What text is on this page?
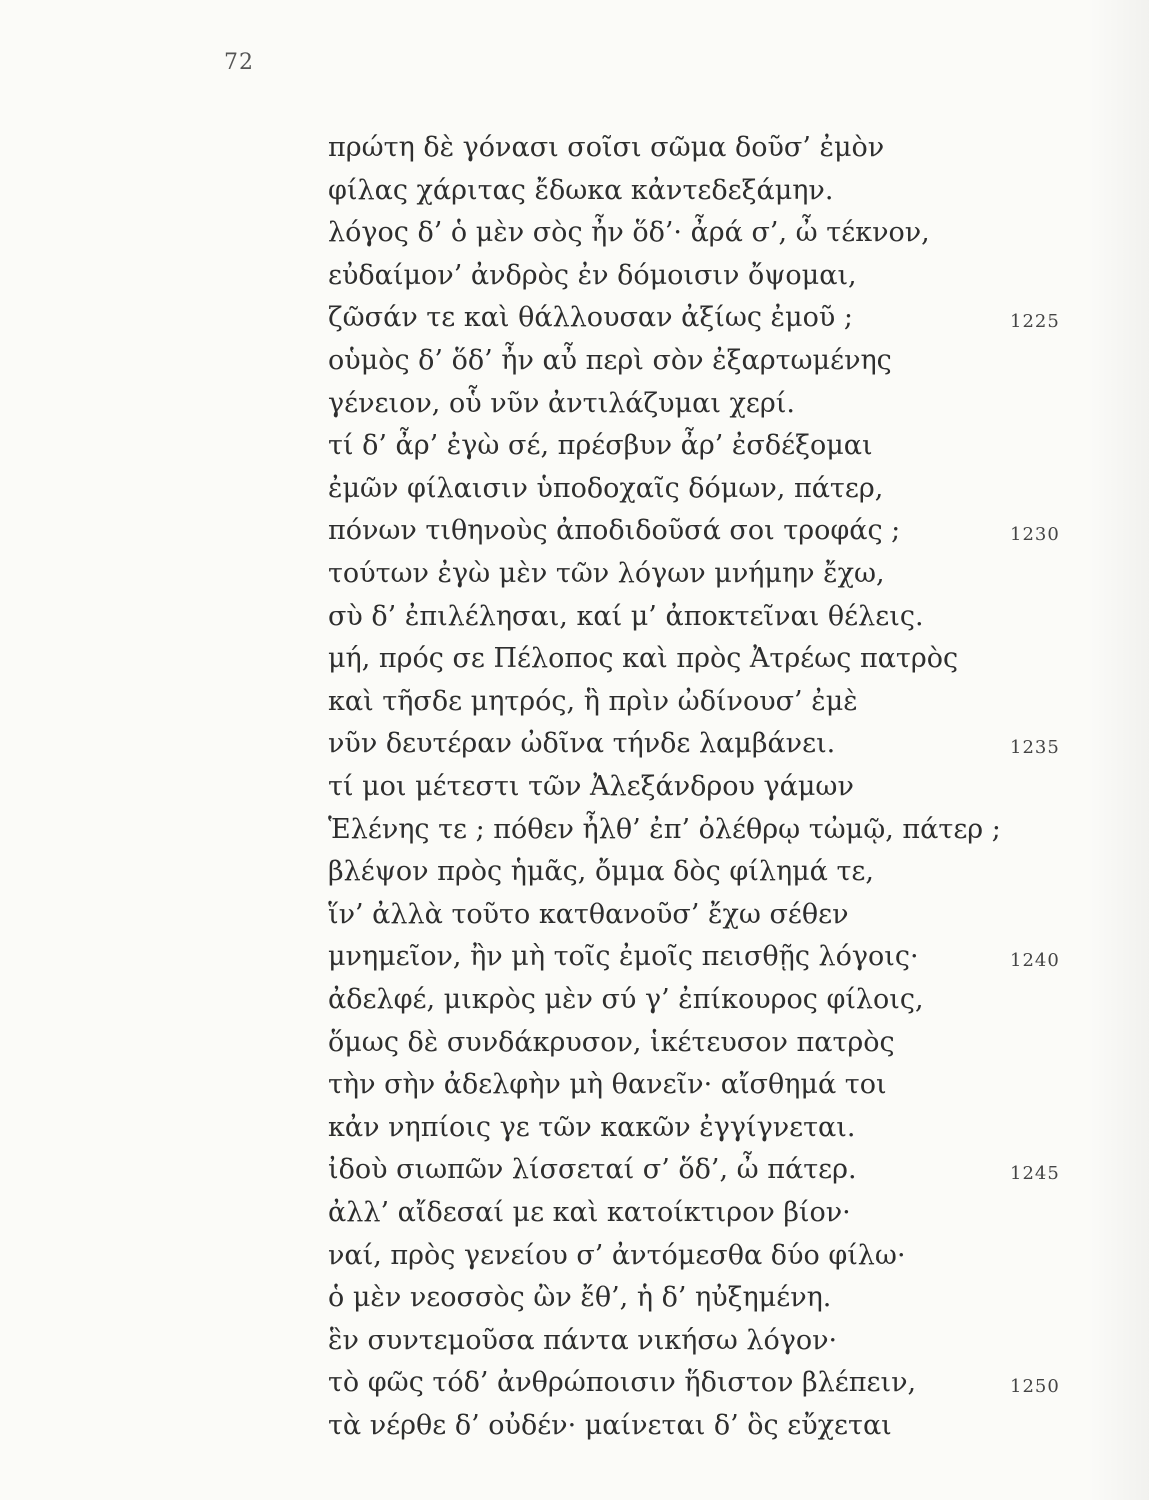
72
πρώτη δὲ γόνασι σοῖσι σῶμα δοῦσ’ ἐμὸν
φίλας χάριτας ἔδωκα κἀντεδεξάμην.
λόγος δ’ ὁ μὲν σὸς ἦν ὅδ’· ἆρά σ’, ὦ τέκνον,
εὐδαίμον’ ἀνδρὸς ἐν δόμοισιν ὄψομαι,
ζῶσάν τε καὶ θάλλουσαν ἀξίως ἐμοῦ ;	1225
οὑμὸς δ’ ὅδ’ ἦν αὖ περὶ σὸν ἐξαρτωμένης
γένειον, οὗ νῦν ἀντιλάζυμαι χερί.
τί δ’ ἆρ’ ἐγὼ σέ, πρέσβυν ἆρ’ ἐσδέξομαι
ἐμῶν φίλαισιν ὑποδοχαῖς δόμων, πάτερ,
πόνων τιθηνοὺς ἀποδιδοῦσά σοι τροφάς ;	1230
τούτων ἐγὼ μὲν τῶν λόγων μνήμην ἔχω,
σὺ δ’ ἐπιλέλησαι, καί μ’ ἀποκτεῖναι θέλεις.
μή, πρός σε Πέλοπος καὶ πρὸς Ἀτρέως πατρὸς
καὶ τῆσδε μητρός, ἣ πρὶν ὠδίνουσ’ ἐμὲ
νῦν δευτέραν ὠδῖνα τήνδε λαμβάνει.	1235
τί μοι μέτεστι τῶν Ἀλεξάνδρου γάμων
Ἑλένης τε ; πόθεν ἦλθ’ ἐπ’ ὀλέθρῳ τὠμῷ, πάτερ ;
βλέψον πρὸς ἡμᾶς, ὄμμα δὸς φίλημά τε,
ἵν’ ἀλλὰ τοῦτο κατθανοῦσ’ ἔχω σέθεν
μνημεῖον, ἢν μὴ τοῖς ἐμοῖς πεισθῇς λόγοις·	1240
ἀδελφέ, μικρὸς μὲν σύ γ’ ἐπίκουρος φίλοις,
ὅμως δὲ συνδάκρυσον, ἱκέτευσον πατρὸς
τὴν σὴν ἀδελφὴν μὴ θανεῖν· αἴσθημά τοι
κἀν νηπίοις γε τῶν κακῶν ἐγγίγνεται.
ἰδοὺ σιωπῶν λίσσεταί σ’ ὅδ’, ὦ πάτερ.	1245
ἀλλ’ αἴδεσαί με καὶ κατοίκτιρον βίον·
ναί, πρὸς γενείου σ’ ἀντόμεσθα δύο φίλω·
ὁ μὲν νεοσσὸς ὢν ἔθ’, ἡ δ’ ηὐξημένη.
ἓν συντεμοῦσα πάντα νικήσω λόγον·
τὸ φῶς τόδ’ ἀνθρώποισιν ἥδιστον βλέπειν,	1250
τὰ νέρθε δ’ οὐδέν· μαίνεται δ’ ὃς εὔχεται
